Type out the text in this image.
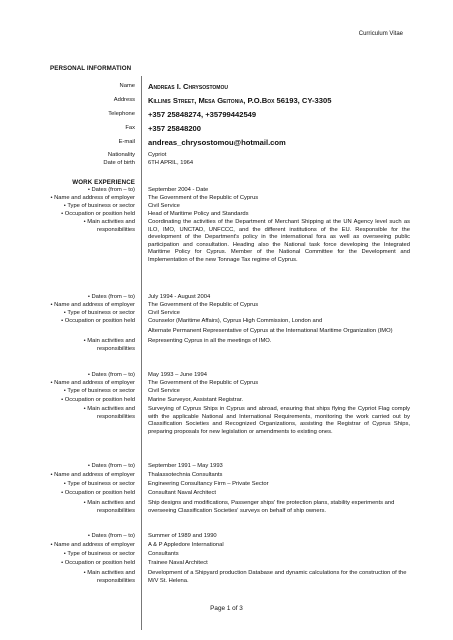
Curriculum Vitae
PERSONAL INFORMATION
Name Andreas I. Chrysostomou
Address Killinis Street, Mesa Geitonia, P.O.Box 56193, CY-3305
Telephone +357 25848274, +35799442549
Fax +357 25848200
E-mail andreas_chrysostomou@hotmail.com
Nationality Cypriot
Date of birth 6TH APRIL, 1964
WORK EXPERIENCE
• Dates (from – to) September 2004 - Date
• Name and address of employer The Government of the Republic of Cyprus
• Type of business or sector Civil Service
• Occupation or position held Head of Maritime Policy and Standards
• Main activities and responsibilities
Coordinating the activities of the Department of Merchant Shipping at the UN Agency level such as ILO, IMO, UNCTAD, UNFCCC, and the different institutions of the EU. Responsible for the development of the Department's policy in the international fora as well as overseeing public participation and consultation. Heading also the National task force developing the Integrated Maritime Policy for Cyprus. Member of the National Committee for the Development and Implementation of the new Tonnage Tax regime of Cyprus.
• Dates (from – to) July 1994 - August 2004
• Name and address of employer The Government of the Republic of Cyprus
• Type of business or sector Civil Service
• Occupation or position held Counselor (Maritime Affairs), Cyprus High Commission, London and
Alternate Permanent Representative of Cyprus at the International Maritime Organization (IMO)
• Main activities and responsibilities
Representing Cyprus in all the meetings of IMO.
• Dates (from – to) May 1993 – June 1994
• Name and address of employer The Government of the Republic of Cyprus
• Type of business or sector Civil Service
• Occupation or position held Marine Surveyor, Assistant Registrar.
• Main activities and responsibilities
Surveying of Cyprus Ships in Cyprus and abroad, ensuring that ships flying the Cypriot Flag comply with the applicable National and International Requirements, monitoring the work carried out by Classification Societies and Recognized Organizations, assisting the Registrar of Cyprus Ships, preparing proposals for new legislation or amendments to existing ones.
• Dates (from – to) September 1991 – May 1993
• Name and address of employer Thalassotechnia Consultants
• Type of business or sector Engineering Consultancy Firm – Private Sector
• Occupation or position held Consultant Naval Architect
• Main activities and responsibilities
Ship designs and modifications, Passenger ships' fire protection plans, stability experiments and overseeing Classification Societies' surveys on behalf of ship owners.
• Dates (from – to) Summer of 1989 and 1990
• Name and address of employer A & P Appledore International
• Type of business or sector Consultants
• Occupation or position held Trainee Naval Architect
• Main activities and responsibilities
Development of a Shipyard production Database and dynamic calculations for the construction of the M/V St. Helena.
Page 1 of 3
